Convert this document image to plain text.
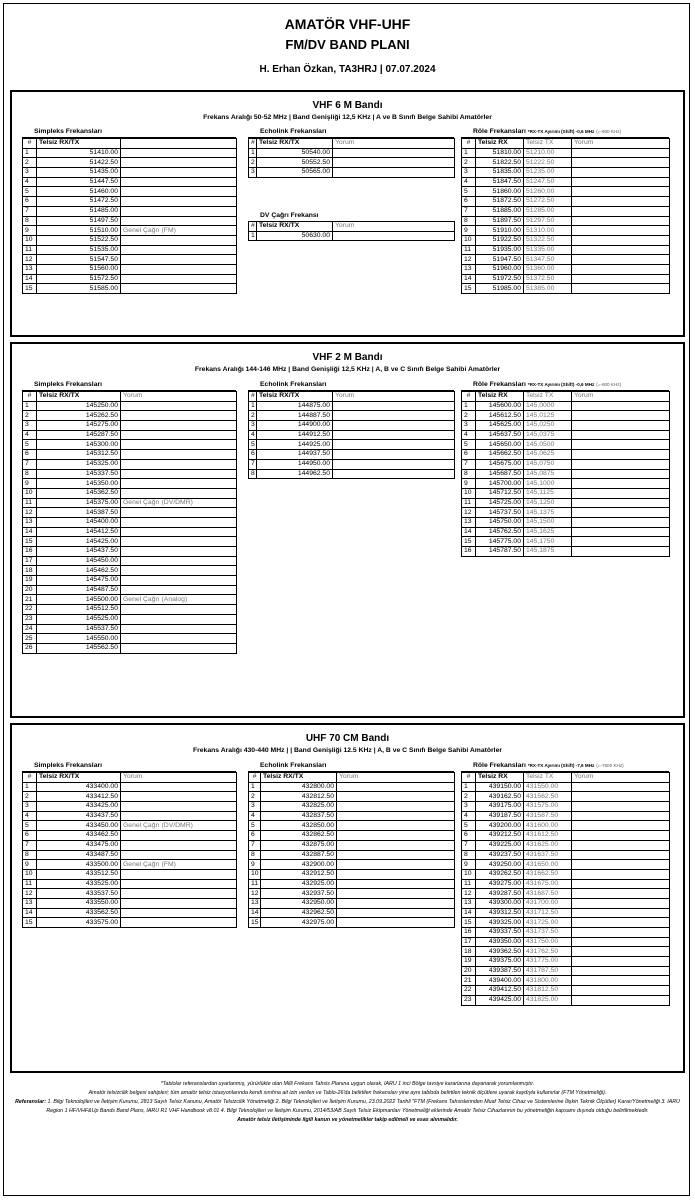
AMATÖR VHF-UHF
FM/DV BAND PLANI
H. Erhan Özkan, TA3HRJ | 07.07.2024
VHF 6 M Bandı
Frekans Aralığı 50-52 MHz | Band Genişliği 12,5 KHz | A ve B Sınıfı Belge Sahibi Amatörler
Simpleks Frekansları
#	Telsiz RX/TX	
1	51410.00	
2	51422.50	
3	51435.00	
4	51447.50	
5	51460.00	
6	51472.50	
7	51485.00	
8	51497.50	
9	51510.00	Genel Çağrı (FM)
10	51522.50	
11	51535.00	
12	51547.50	
13	51560.00	
14	51572.50	
15	51585.00	
Echolink Frekansları
#	Telsiz RX/TX	Yorum
1	50540.00	
2	50552.50	
3	50565.00	
DV Çağrı Frekansı
#	Telsiz RX/TX	Yorum
1	50630.00	
Röle Frekansları *RX-TX Ayırımı (Shift) -0,6 MHz (=-600 KHz)
#	Telsiz RX	Telsiz TX	Yorum
1	51810.00	51210.00	
2	51822.50	51222.50	
3	51835.00	51235.00	
4	51847.50	51247.50	
5	51860.00	51260.00	
6	51872.50	51272.50	
7	51885.00	51285.00	
8	51897.50	51297.50	
9	51910.00	51310.00	
10	51922.50	51322.50	
11	51935.00	51335.00	
12	51947.50	51347.50	
13	51960.00	51360.00	
14	51972.50	51372.50	
15	51985.00	51385.00	
VHF 2 M Bandı
Frekans Aralığı 144-146 MHz | Band Genişliği 12,5 KHz | A, B ve C Sınıfı Belge Sahibi Amatörler
Simpleks Frekansları
#	Telsiz RX/TX	Yorum
1	145250.00	
2	145262.50	
3	145275.00	
4	145287.50	
5	145300.00	
6	145312.50	
7	145325.00	
8	145337.50	
9	145350.00	
10	145362.50	
11	145375.00	Genel Çağrı (DV/DMR)
12	145387.50	
13	145400.00	
14	145412.50	
15	145425.00	
16	145437.50	
17	145450.00	
18	145462.50	
19	145475.00	
20	145487.50	
21	145500.00	Genel Çağrı (Analog)
22	145512.50	
23	145525.00	
24	145537.50	
25	145550.00	
26	145562.50	
Echolink Frekansları
#	Telsiz RX/TX	Yorum
1	144875.00	
2	144887.50	
3	144900.00	
4	144912.50	
5	144925.00	
6	144937.50	
7	144950.00	
8	144962.50	
Röle Frekansları *RX-TX Ayırımı (Shift) -0,6 MHz (=-600 KHz)
#	Telsiz RX	Telsiz TX	Yorum
1	145600.00	145,0000	
2	145612.50	145,0125	
3	145625.00	145,0250	
4	145637.50	145,0375	
5	145650.00	145,0500	
6	145662.50	145,0625	
7	145675.00	145,0750	
8	145687.50	145,0875	
9	145700.00	145,1000	
10	145712.50	145,1125	
11	145725.00	145,1250	
12	145737.50	145,1375	
13	145750.00	145,1500	
14	145762.50	145,1625	
15	145775.00	145,1750	
16	145787.50	145,1875	
UHF 70 CM Bandı
Frekans Aralığı 430-440 MHz | | Band Genişliği 12.5 KHz | A, B ve C Sınıfı Belge Sahibi Amatörler
Simpleks Frekansları
#	Telsiz RX/TX	Yorum
1	433400.00	
2	433412.50	
3	433425.00	
4	433437.50	
5	433450.00	Genel Çağrı (DV/DMR)
6	433462.50	
7	433475.00	
8	433487.50	
9	433500.00	Genel Çağrı (FM)
10	433512.50	
11	433525.00	
12	433537.50	
13	433550.00	
14	433562.50	
15	433575.00	
Echolink Frekansları
#	Telsiz RX/TX	Yorum
1	432800.00	
2	432812.50	
3	432825.00	
4	432837.50	
5	432850.00	
6	432862.50	
7	432875.00	
8	432887.50	
9	432900.00	
10	432912.50	
11	432925.00	
12	432937.50	
13	432950.00	
14	432962.50	
15	432975.00	
Röle Frekansları *RX-TX Ayırımı (Shift) -7,6 MHz (=-7600 KHz)
#	Telsiz RX	Telsiz TX	Yorum
1	439150.00	431550.00	
2	439162.50	431562.50	
3	439175.00	431575.00	
4	439187.50	431587.50	
5	439200.00	431600.00	
6	439212.50	431612.50	
7	439225.00	431625.00	
8	439237.50	431637.50	
9	439250.00	431650.00	
10	439262.50	431662.50	
11	439275.00	431675.00	
12	439287.50	431687.50	
13	439300.00	431700.00	
14	439312.50	431712.50	
15	439325.00	431725.00	
16	439337.50	431737.50	
17	439350.00	431750.00	
18	439362.50	431762.50	
19	439375.00	431775.00	
20	439387.50	431787.50	
21	439400.00	431800.00	
22	439412.50	431812.50	
23	439425.00	431825.00	
*Tablolar referanslardan uyarlanmış, yürürlükte olan Milli Frekans Tahsis Planına uygun olarak, IARU 1 inci Bölge tavsiye kararlarına dayanarak yorumlanmıştır.
Amatör telsizcilik belgesi sahipleri; tüm amatör telsiz istasyonlarında kendi sınıfına ait izin verilen ve Tablo-26'da belirtilen frekansları yine aynı tabloda belirtilen teknik ölçütlere uyarak kaydıyla kullanırlar (FTM Yönetmeliği).
Referanslar: 1. Bilgi Teknolojileri ve İletişim Kurumu, 2813 Sayılı Telsiz Kanunu, Amatör Telsizcilik Yönetmeliği 2. Bilgi Teknolojileri ve İletişim Kurumu, 23.09.2022 Tarihli "FTM (Frekans Tahsislerinden Muaf Telsiz Cihaz ve Sistemlerine İlişkin Teknik Ölçütler) Karar/Yönetmeliği 3. IARU Region 1 HF/VHF&Up Bands Band Plans, IARU R1 VHF Handbook v8.01 4. Bilgi Teknolojileri ve İletişim Kurumu, 2014/53/AB Sayılı Telsiz Ekipmanları Yönetmeliği eklerinde Amatör Telsiz Cihazlarının bu yönetmeliğin kapsamı dışında olduğu belirtilmektedir.
Amatör telsiz iletişiminde ilgili kanun ve yönetmelikler takip edilmeli ve esas alınmalıdır.
